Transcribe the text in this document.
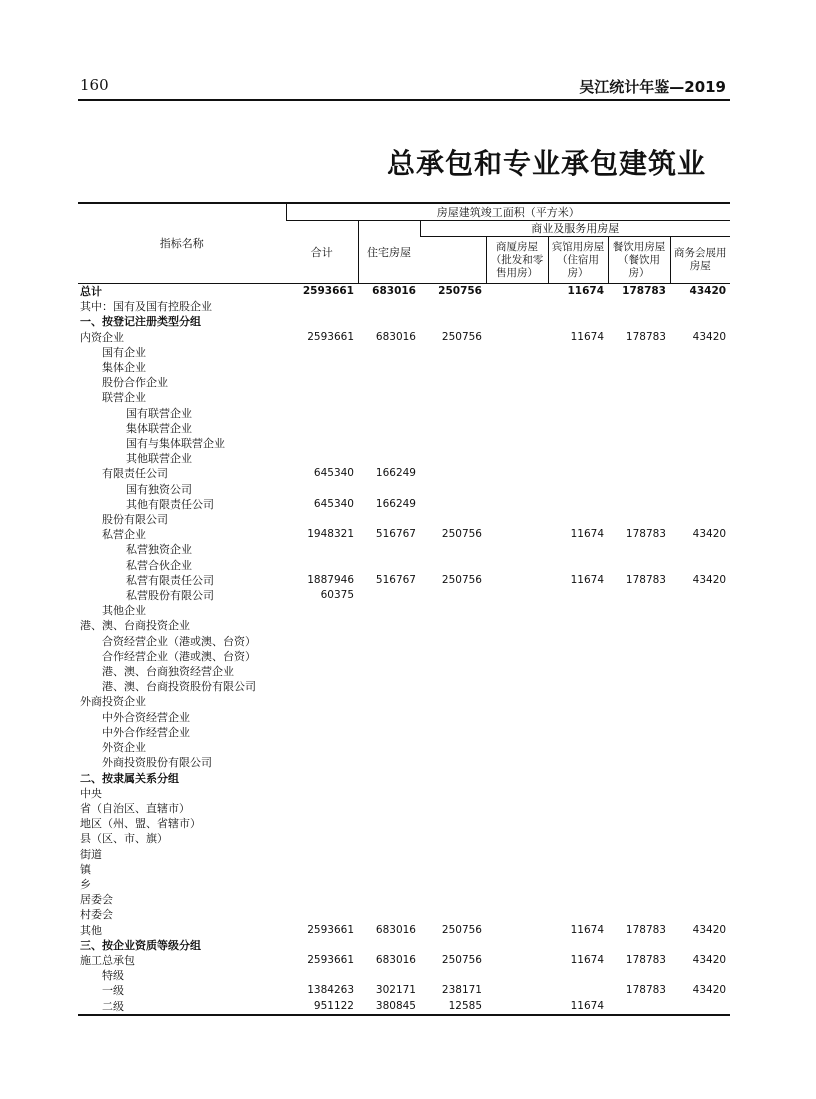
160	吴江统计年鉴—2019
总承包和专业承包建筑业
指标名称	房屋建筑竣工面积（平方米）						
	合计	住宅房屋	商业及服务用房屋				
				商厦房屋（批发和零售用房）	宾馆用房屋（住宿用房）	餐饮用房屋（餐饮用房）	商务会展用房屋
总计	2593661	683016	250756		11674	178783	43420
其中：国有及国有控股企业							
一、按登记注册类型分组							
内资企业	2593661	683016	250756		11674	178783	43420
国有企业							
集体企业							
股份合作企业							
联营企业							
国有联营企业							
集体联营企业							
国有与集体联营企业							
其他联营企业							
有限责任公司	645340	166249					
国有独资公司							
其他有限责任公司	645340	166249					
股份有限公司							
私营企业	1948321	516767	250756		11674	178783	43420
私营独资企业							
私营合伙企业							
私营有限责任公司	1887946	516767	250756		11674	178783	43420
私营股份有限公司	60375						
其他企业							
港、澳、台商投资企业							
合资经营企业（港或澳、台资）							
合作经营企业（港或澳、台资）							
港、澳、台商独资经营企业							
港、澳、台商投资股份有限公司							
外商投资企业							
中外合资经营企业							
中外合作经营企业							
外资企业							
外商投资股份有限公司							
二、按隶属关系分组							
中央							
省（自治区、直辖市）							
地区（州、盟、省辖市）							
县（区、市、旗）							
街道							
镇							
乡							
居委会							
村委会							
其他	2593661	683016	250756		11674	178783	43420
三、按企业资质等级分组							
施工总承包	2593661	683016	250756		11674	178783	43420
特级							
一级	1384263	302171	238171			178783	43420
二级	951122	380845	12585		11674		
